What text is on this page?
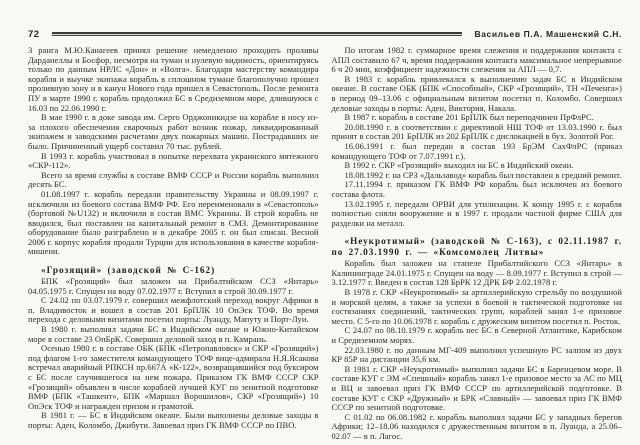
72	Васильев П.А. Машенский С.Н.

3 ранга М.Ю.Канагеев принял решение немедленно проходить проливы Дарданеллы и Босфор, несмотря на туман и нулевую видимость, ориентируясь только по данным НРЛС «Дон» и «Волга». Благодаря мастерству командира корабля и выучке экипажа корабль в сплошном тумане благополучно прошел проливную зону и в канун Нового года пришел в Севастополь. После ремонта ПУ в марте 1990 г. корабль продолжил БС в Средиземном море, длившуюся с 16.03 по 22.06.1990 г.

В мае 1990 г. в доке завода им. Серго Орджоникидзе на корабле в носу из-за плохого обеспечения сварочных работ возник пожар, ликвидированный экипажем и заводскими расчетами двух пожарных машин. Пострадавших не было. Причиненный ущерб составил 70 тыс. рублей.

В 1993 г. корабль участвовал в попытке перехвата украинского мятежного «СКР-112».

Всего за время службы в составе ВМФ СССР и России корабль выполнил десять БС.

01.08.1997 г. корабль передали правительству Украины и 08.09.1997 г. исключили из боевого состава ВМФ РФ. Его переименовали в «Севастополь» (бортовой №U132) и включили в состав ВМС Украины. В строй корабль не вводился, был поставлен на капитальный ремонт в СМЗ. Демонтированное оборудование было разграблено и в декабре 2005 г. он был списан. Весной 2006 г. корпус корабля продали Турции для использования в качестве корабля-мишени.

«Грозящий» (заводской № С-162)

БПК «Грозящий» был заложен на Прибалтийском ССЗ «Янтарь» 04.05.1975 г. Спущен на воду 07.02.1977 г. Вступил в строй 30.09.1977 г.

С 24.02 по 03.07.1979 г. совершил межфлотский переход вокруг Африки в п. Владивосток и вошел в состав 201 БрПЛК 10 ОпЭск ТОФ. Во время перехода с деловыми визитами посетил порты: Луанду, Мапуту и Порт-Луи.

В 1980 г. выполнял задачи БС в Индийском океане и Южно-Китайском море в составе 23 ОпБрК. Совершил деловой заход в п. Камрань.

Осенью 1980 г. в составе ОБК (БПК «Петропавловск» и СКР «Грозящий») под флагом 1-го заместителя командующего ТОФ вице-адмирала Н.Я.Ясакова встречал аварийный РПКСН пр.667А «К-122», возвращавшийся под буксиром с БС после случившегося на нем пожара. Приказом ГК ВМФ СССР СКР «Грозящий» объявлен в числе кораблей лучшей КУГ по зенитной подготовке ВМФ (БПК «Ташкент», БПК «Маршал Ворошилов», СКР «Грозящий») 10 ОпЭск ТОФ и награжден призом и грамотой.

В 1981 г. — БС в Индийском океане. Были выполнены деловые заходы в порты: Аден, Коломбо, Джибути. Завоевал приз ГК ВМФ СССР по ПВО.

По итогам 1982 г. суммарное время слежения и поддержания контакта с АПЛ составило 67 ч, время поддержания контакта максимальное непрерывное 6 ч 20 мин, коэффициент надежности слежения за АПЛ — 0,7.

В 1983 г. корабль привлекался к выполнению задач БС в Индийском океане. В составе ОБК (БПК «Способный», СКР «Грозящий», ТН «Печенга») в период 09–13.06 с официальным визитом посетил п. Коломбо. Совершил деловые заходы в порты: Аден, Виктория, Накала.

В 1987 г. корабль в составе 201 БрПЛК был переподчинен ПрФлРС.

20.08.1990 г. в соответствии с директивой НШ ТОФ от 13.03.1990 г. был принят в состав 201 БрПЛК из 202 БрПЛК с дислокацией в бух. Золотой Рог.

16.06.1991 г. был передан в состав 193 БрЭМ СахФлРС (приказ командующего ТОФ от 7.07.1991 г.).

В 1992 г. СКР «Грозящий» выходил на БС в Индийский океан.

18.08.1992 г. на СРЗ «Дальзавод» корабль был поставлен в средний ремонт.

17.11.1994 г. приказом ГК ВМФ РФ корабль был исключен из боевого состава флота.

13.02.1995 г. передали ОРВИ для утилизации. К концу 1995 г. с корабля полностью сняли вооружение и в 1997 г. продали частной фирме США для разделки на металл.

«Неукротимый» (заводской № С-163), с 02.11.1987 г. по 27.03.1990 г. — «Комсомолец Литвы»

Корабль был заложен на стапеле Прибалтийского ССЗ «Янтарь» в Калининграде 24.01.1975 г. Спущен на воду — 8.09.1977 г. Вступил в строй — 3.12.1977 г. Введен в состав 128 БрРК 12 ДРК БФ 2.02.1978 г.

В 1978 г. СКР «Неукротимый» за артиллерийскую стрельбу по воздушной и морской целям, а также за успехи в боевой и тактической подготовке на состязаниях соединений, тактических групп, кораблей занял 1-е призовое место. С 5-го по 10.06.1978 г. корабль с дружеским визитом посетил п. Росток.

С 24.07 по 08.10.1979 г. корабль нес БС в Северной Атлантике, Карибском и Средиземном морях.

22.03.1980 г. по данным МГ-409 выполнил успешную РС залпом из двух КР 85Р на дистанции 35,6 км.

В 1981 г. СКР «Неукротимый» выполнял задачи БС в Баренцевом море. В составе КУГ с ЭМ «Спешный» корабль занял 1-е призовое место за АС по МЦ и ВЦ и завоевал приз ГК ВМФ СССР по артиллерийской подготовке. В составе КУГ с СКР «Дружный» и БРК «Славный» — завоевал приз ГК ВМФ СССР по зенитной подготовке.

С 01.02 по 06.08.1982 г. корабль выполнял задачи БС у западных берегов Африки; 12–18.06 находился с дружественным визитом в п. Луанда, а 25.06–02.07 — в п. Лагос.
